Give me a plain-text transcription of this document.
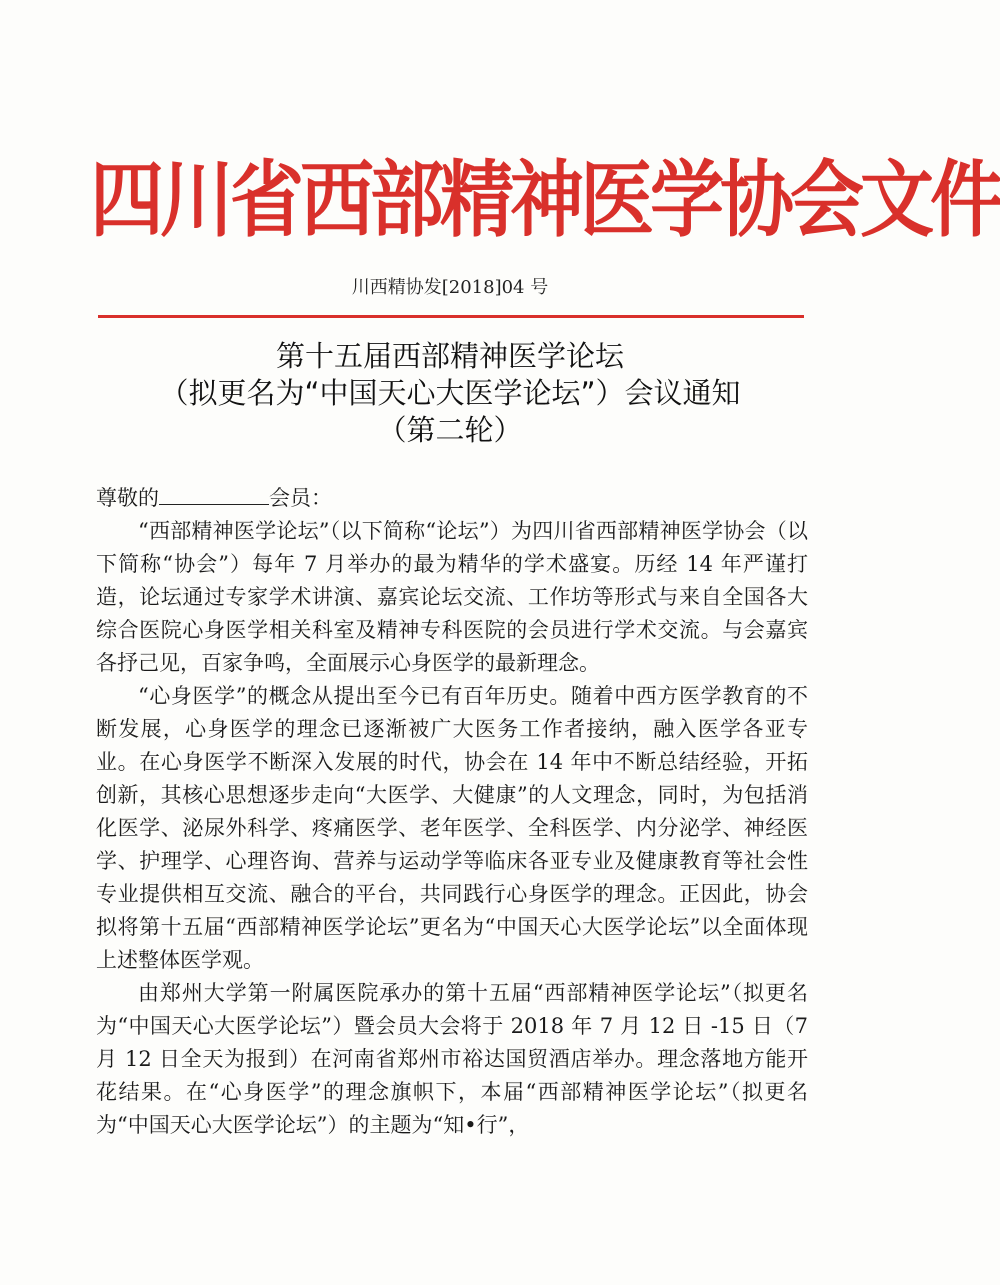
四川省西部精神医学协会文件
川西精协发[2018]04 号
第十五届西部精神医学论坛
（拟更名为“中国天心大医学论坛”）会议通知
（第二轮）

尊敬的	会员：

“西部精神医学论坛”（以下简称“论坛”）为四川省西部精神医学协会（以下简称“协会”）每年 7 月举办的最为精华的学术盛宴。历经 14 年严谨打造，论坛通过专家学术讲演、嘉宾论坛交流、工作坊等形式与来自全国各大综合医院心身医学相关科室及精神专科医院的会员进行学术交流。与会嘉宾各抒己见，百家争鸣，全面展示心身医学的最新理念。

“心身医学”的概念从提出至今已有百年历史。随着中西方医学教育的不断发展，心身医学的理念已逐渐被广大医务工作者接纳，融入医学各亚专业。在心身医学不断深入发展的时代，协会在 14 年中不断总结经验，开拓创新，其核心思想逐步走向“大医学、大健康”的人文理念，同时，为包括消化医学、泌尿外科学、疼痛医学、老年医学、全科医学、内分泌学、神经医学、护理学、心理咨询、营养与运动学等临床各亚专业及健康教育等社会性专业提供相互交流、融合的平台，共同践行心身医学的理念。正因此，协会拟将第十五届“西部精神医学论坛”更名为“中国天心大医学论坛”以全面体现上述整体医学观。

由郑州大学第一附属医院承办的第十五届“西部精神医学论坛”（拟更名为“中国天心大医学论坛”）暨会员大会将于 2018 年 7 月 12 日 -15 日（7 月 12 日全天为报到）在河南省郑州市裕达国贸酒店举办。理念落地方能开花结果。在“心身医学”的理念旗帜下，本届“西部精神医学论坛”（拟更名为“中国天心大医学论坛”）的主题为“知•行”，
